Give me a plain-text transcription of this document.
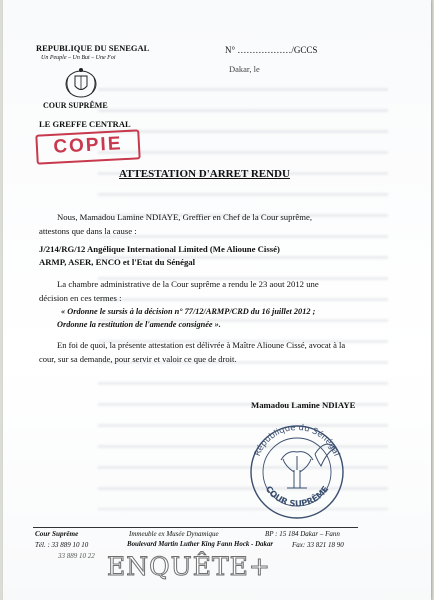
REPUBLIQUE DU SENEGAL
Un Peuple – Un But – Une Foi
COUR SUPRÊME
LE GREFFE CENTRAL
COPIE
N° ………………/GCCS
Dakar, le
ATTESTATION D'ARRET RENDU
Nous, Mamadou Lamine NDIAYE, Greffier en Chef de la Cour suprême,
attestons que dans la cause :
J/214/RG/12 Angélique International Limited (Me Alioune Cissé)
ARMP, ASER, ENCO et l'Etat du Sénégal
La chambre administrative de la Cour suprême a rendu le 23 aout 2012 une
décision en ces termes :
« Ordonne le sursis à la décision n° 77/12/ARMP/CRD du 16 juillet 2012 ;
Ordonne la restitution de l'amende consignée ».
En foi de quoi, la présente attestation est délivrée à Maître Alioune Cissé, avocat à la
cour, sur sa demande, pour servir et valoir ce que de droit.
Mamadou Lamine NDIAYE
République du Sénégal
COUR SUPRÊME
Cour Suprême
Tél. : 33 889 10 10
33 889 10 22
Immeuble ex Musée Dynamique
Boulevard Martin Luther King Fann Hock - Dakar
BP : 15 184 Dakar – Fann
Fax: 33 821 18 90
ENQUÊTE+
